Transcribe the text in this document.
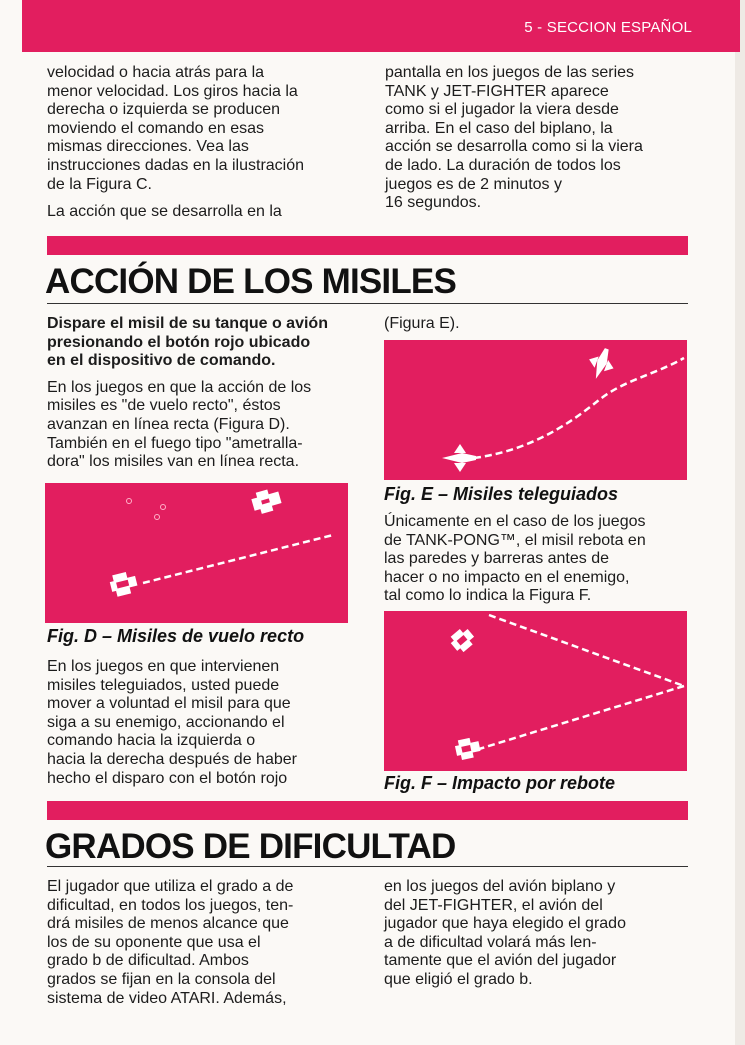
5 - SECCION ESPAÑOL

velocidad o hacia atrás para la

menor velocidad. Los giros hacia la

derecha o izquierda se producen

moviendo el comando en esas

mismas direcciones. Vea las

instrucciones dadas en la ilustración

de la Figura C.

La acción que se desarrolla en la

pantalla en los juegos de las series

TANK y JET-FIGHTER aparece

como si el jugador la viera desde

arriba. En el caso del biplano, la

acción se desarrolla como si la viera

de lado. La duración de todos los

juegos es de 2 minutos y

16 segundos.

ACCIÓN DE LOS MISILES

Dispare el misil de su tanque o avión

presionando el botón rojo ubicado

en el dispositivo de comando.

En los juegos en que la acción de los

misiles es "de vuelo recto", éstos

avanzan en línea recta (Figura D).

También en el fuego tipo "ametralla-

dora" los misiles van en línea recta.

Fig. D – Misiles de vuelo recto

En los juegos en que intervienen

misiles teleguiados, usted puede

mover a voluntad el misil para que

siga a su enemigo, accionando el

comando hacia la izquierda o

hacia la derecha después de haber

hecho el disparo con el botón rojo

(Figura E).

Fig. E – Misiles teleguiados

Únicamente en el caso de los juegos

de TANK-PONG™, el misil rebota en

las paredes y barreras antes de

hacer o no impacto en el enemigo,

tal como lo indica la Figura F.

Fig. F – Impacto por rebote

GRADOS DE DIFICULTAD

El jugador que utiliza el grado a de

dificultad, en todos los juegos, ten-

drá misiles de menos alcance que

los de su oponente que usa el

grado b de dificultad. Ambos

grados se fijan en la consola del

sistema de video ATARI. Además,

en los juegos del avión biplano y

del JET-FIGHTER, el avión del

jugador que haya elegido el grado

a de dificultad volará más len-

tamente que el avión del jugador

que eligió el grado b.
